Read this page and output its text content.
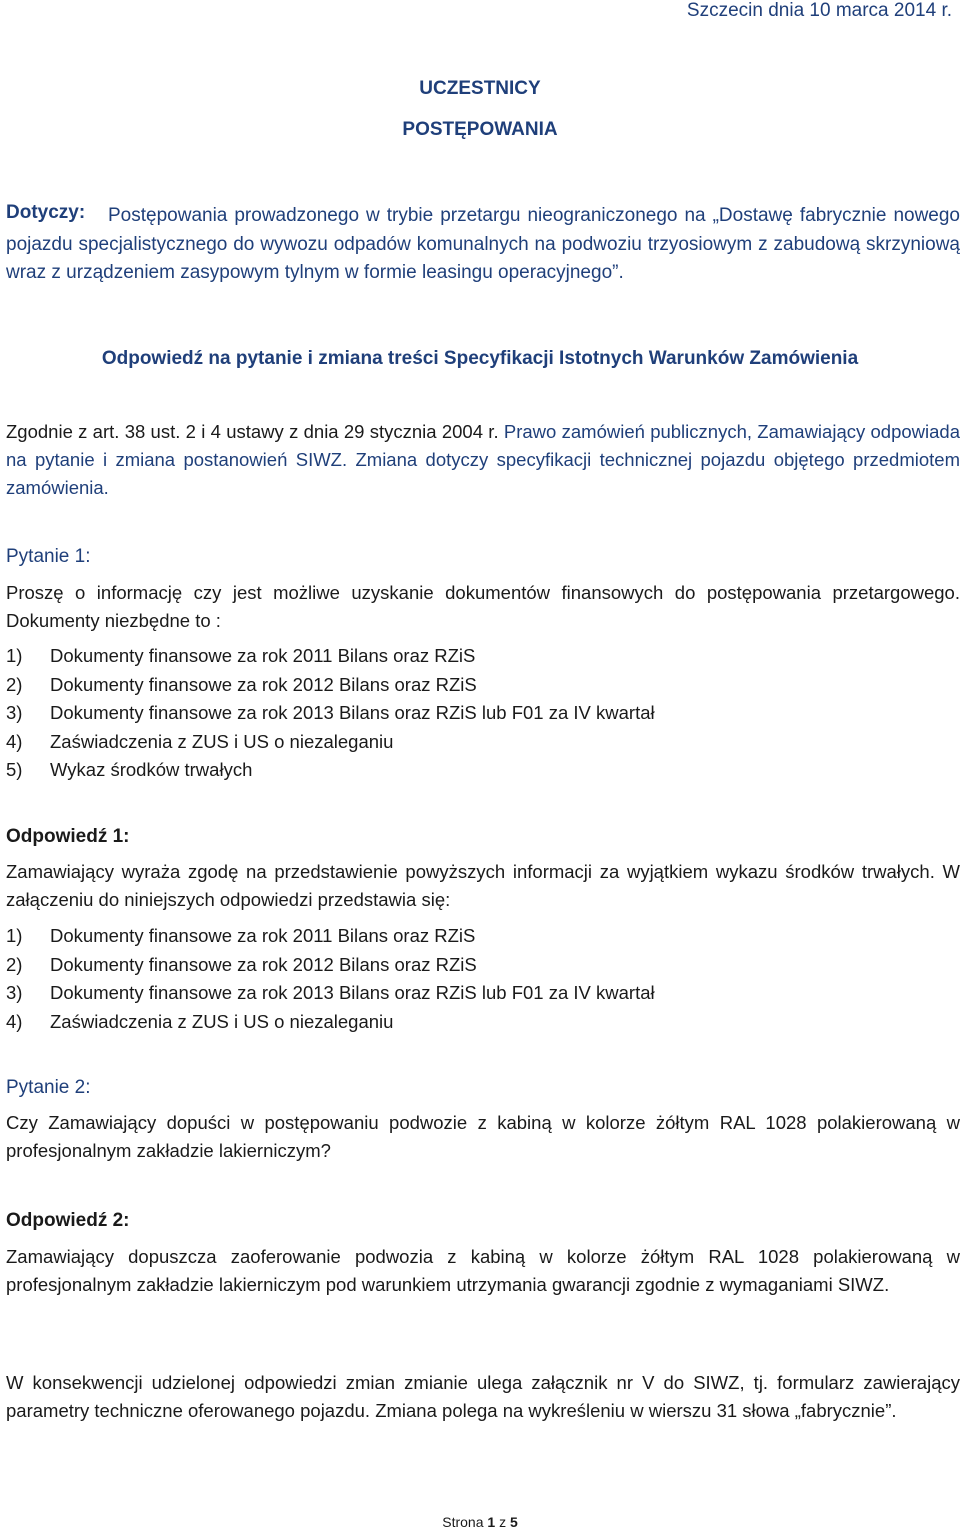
Szczecin dnia 10 marca 2014 r.
UCZESTNICY
POSTĘPOWANIA
Dotyczy:	Postępowania prowadzonego w trybie przetargu nieograniczonego na „Dostawę fabrycznie nowego pojazdu specjalistycznego do wywozu odpadów komunalnych na podwoziu trzyosiowym z zabudową skrzyniową wraz z urządzeniem zasypowym tylnym w formie leasingu operacyjnego”.
Odpowiedź na pytanie i zmiana treści Specyfikacji Istotnych Warunków Zamówienia
Zgodnie z art. 38 ust. 2 i 4 ustawy z dnia 29 stycznia 2004 r. Prawo zamówień publicznych, Zamawiający odpowiada na pytanie i zmiana postanowień SIWZ. Zmiana dotyczy specyfikacji technicznej pojazdu objętego przedmiotem zamówienia.
Pytanie 1:
Proszę o informację czy jest możliwe uzyskanie dokumentów finansowych do postępowania przetargowego. Dokumenty niezbędne to :
1) Dokumenty finansowe za rok 2011 Bilans oraz RZiS
2) Dokumenty finansowe za rok 2012 Bilans oraz RZiS
3) Dokumenty finansowe za rok 2013 Bilans oraz RZiS lub F01 za IV kwartał
4) Zaświadczenia z ZUS i US o niezaleganiu
5) Wykaz środków trwałych
Odpowiedź 1:
Zamawiający wyraża zgodę na przedstawienie powyższych informacji za wyjątkiem wykazu środków trwałych. W załączeniu do niniejszych odpowiedzi przedstawia się:
1) Dokumenty finansowe za rok 2011 Bilans oraz RZiS
2) Dokumenty finansowe za rok 2012 Bilans oraz RZiS
3) Dokumenty finansowe za rok 2013 Bilans oraz RZiS lub F01 za IV kwartał
4) Zaświadczenia z ZUS i US o niezaleganiu
Pytanie 2:
Czy Zamawiający dopuści w postępowaniu podwozie z kabiną w kolorze żółtym RAL 1028 polakierowaną w profesjonalnym zakładzie lakierniczym?
Odpowiedź 2:
Zamawiający dopuszcza zaoferowanie podwozia z kabiną w kolorze żółtym RAL 1028 polakierowaną w profesjonalnym zakładzie lakierniczym pod warunkiem utrzymania gwarancji zgodnie z wymaganiami SIWZ.
W konsekwencji udzielonej odpowiedzi zmian zmianie ulega załącznik nr V do SIWZ, tj. formularz zawierający parametry techniczne oferowanego pojazdu. Zmiana polega na wykreśleniu w wierszu 31 słowa „fabrycznie”.
Strona 1 z 5
